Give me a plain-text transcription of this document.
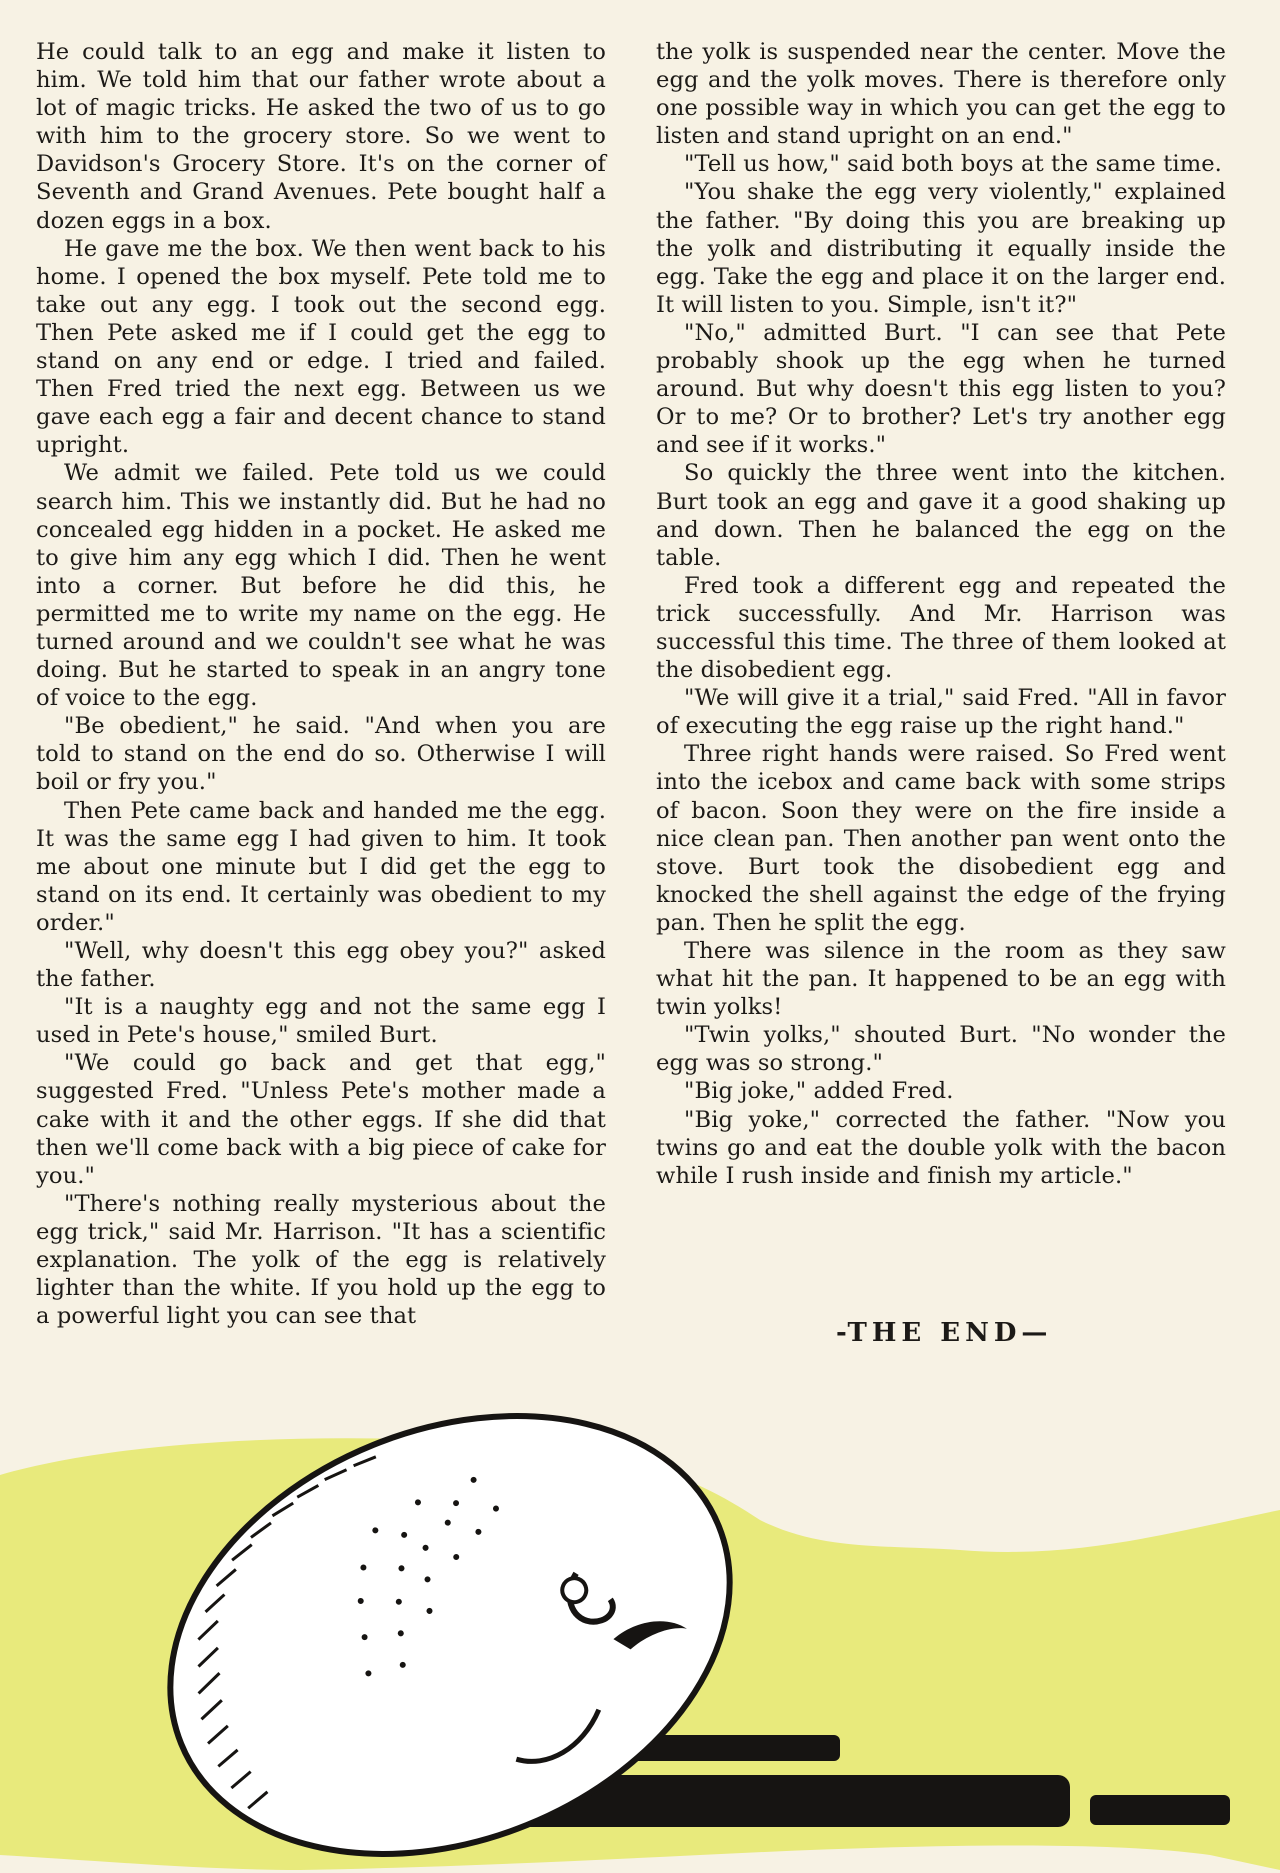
He could talk to an egg and make it listen to him. We told him that our father wrote about a lot of magic tricks. He asked the two of us to go with him to the grocery store. So we went to Davidson's Grocery Store. It's on the corner of Seventh and Grand Avenues. Pete bought half a dozen eggs in a box.

He gave me the box. We then went back to his home. I opened the box myself. Pete told me to take out any egg. I took out the second egg. Then Pete asked me if I could get the egg to stand on any end or edge. I tried and failed. Then Fred tried the next egg. Between us we gave each egg a fair and decent chance to stand upright.

We admit we failed. Pete told us we could search him. This we instantly did. But he had no concealed egg hidden in a pocket. He asked me to give him any egg which I did. Then he went into a corner. But before he did this, he permitted me to write my name on the egg. He turned around and we couldn't see what he was doing. But he started to speak in an angry tone of voice to the egg.

"Be obedient," he said. "And when you are told to stand on the end do so. Otherwise I will boil or fry you."

Then Pete came back and handed me the egg. It was the same egg I had given to him. It took me about one minute but I did get the egg to stand on its end. It certainly was obedient to my order."

"Well, why doesn't this egg obey you?" asked the father.

"It is a naughty egg and not the same egg I used in Pete's house," smiled Burt.

"We could go back and get that egg," suggested Fred. "Unless Pete's mother made a cake with it and the other eggs. If she did that then we'll come back with a big piece of cake for you."

"There's nothing really mysterious about the egg trick," said Mr. Harrison. "It has a scientific explanation. The yolk of the egg is relatively lighter than the white. If you hold up the egg to a powerful light you can see that

the yolk is suspended near the center. Move the egg and the yolk moves. There is therefore only one possible way in which you can get the egg to listen and stand upright on an end."

"Tell us how," said both boys at the same time.

"You shake the egg very violently," explained the father. "By doing this you are breaking up the yolk and distributing it equally inside the egg. Take the egg and place it on the larger end. It will listen to you. Simple, isn't it?"

"No," admitted Burt. "I can see that Pete probably shook up the egg when he turned around. But why doesn't this egg listen to you? Or to me? Or to brother? Let's try another egg and see if it works."

So quickly the three went into the kitchen. Burt took an egg and gave it a good shaking up and down. Then he balanced the egg on the table.

Fred took a different egg and repeated the trick successfully. And Mr. Harrison was successful this time. The three of them looked at the disobedient egg.

"We will give it a trial," said Fred. "All in favor of executing the egg raise up the right hand."

Three right hands were raised. So Fred went into the icebox and came back with some strips of bacon. Soon they were on the fire inside a nice clean pan. Then another pan went onto the stove. Burt took the disobedient egg and knocked the shell against the edge of the frying pan. Then he split the egg.

There was silence in the room as they saw what hit the pan. It happened to be an egg with twin yolks!

"Twin yolks," shouted Burt. "No wonder the egg was so strong."

"Big joke," added Fred.

"Big yoke," corrected the father. "Now you twins go and eat the double yolk with the bacon while I rush inside and finish my article."

-THE END—
